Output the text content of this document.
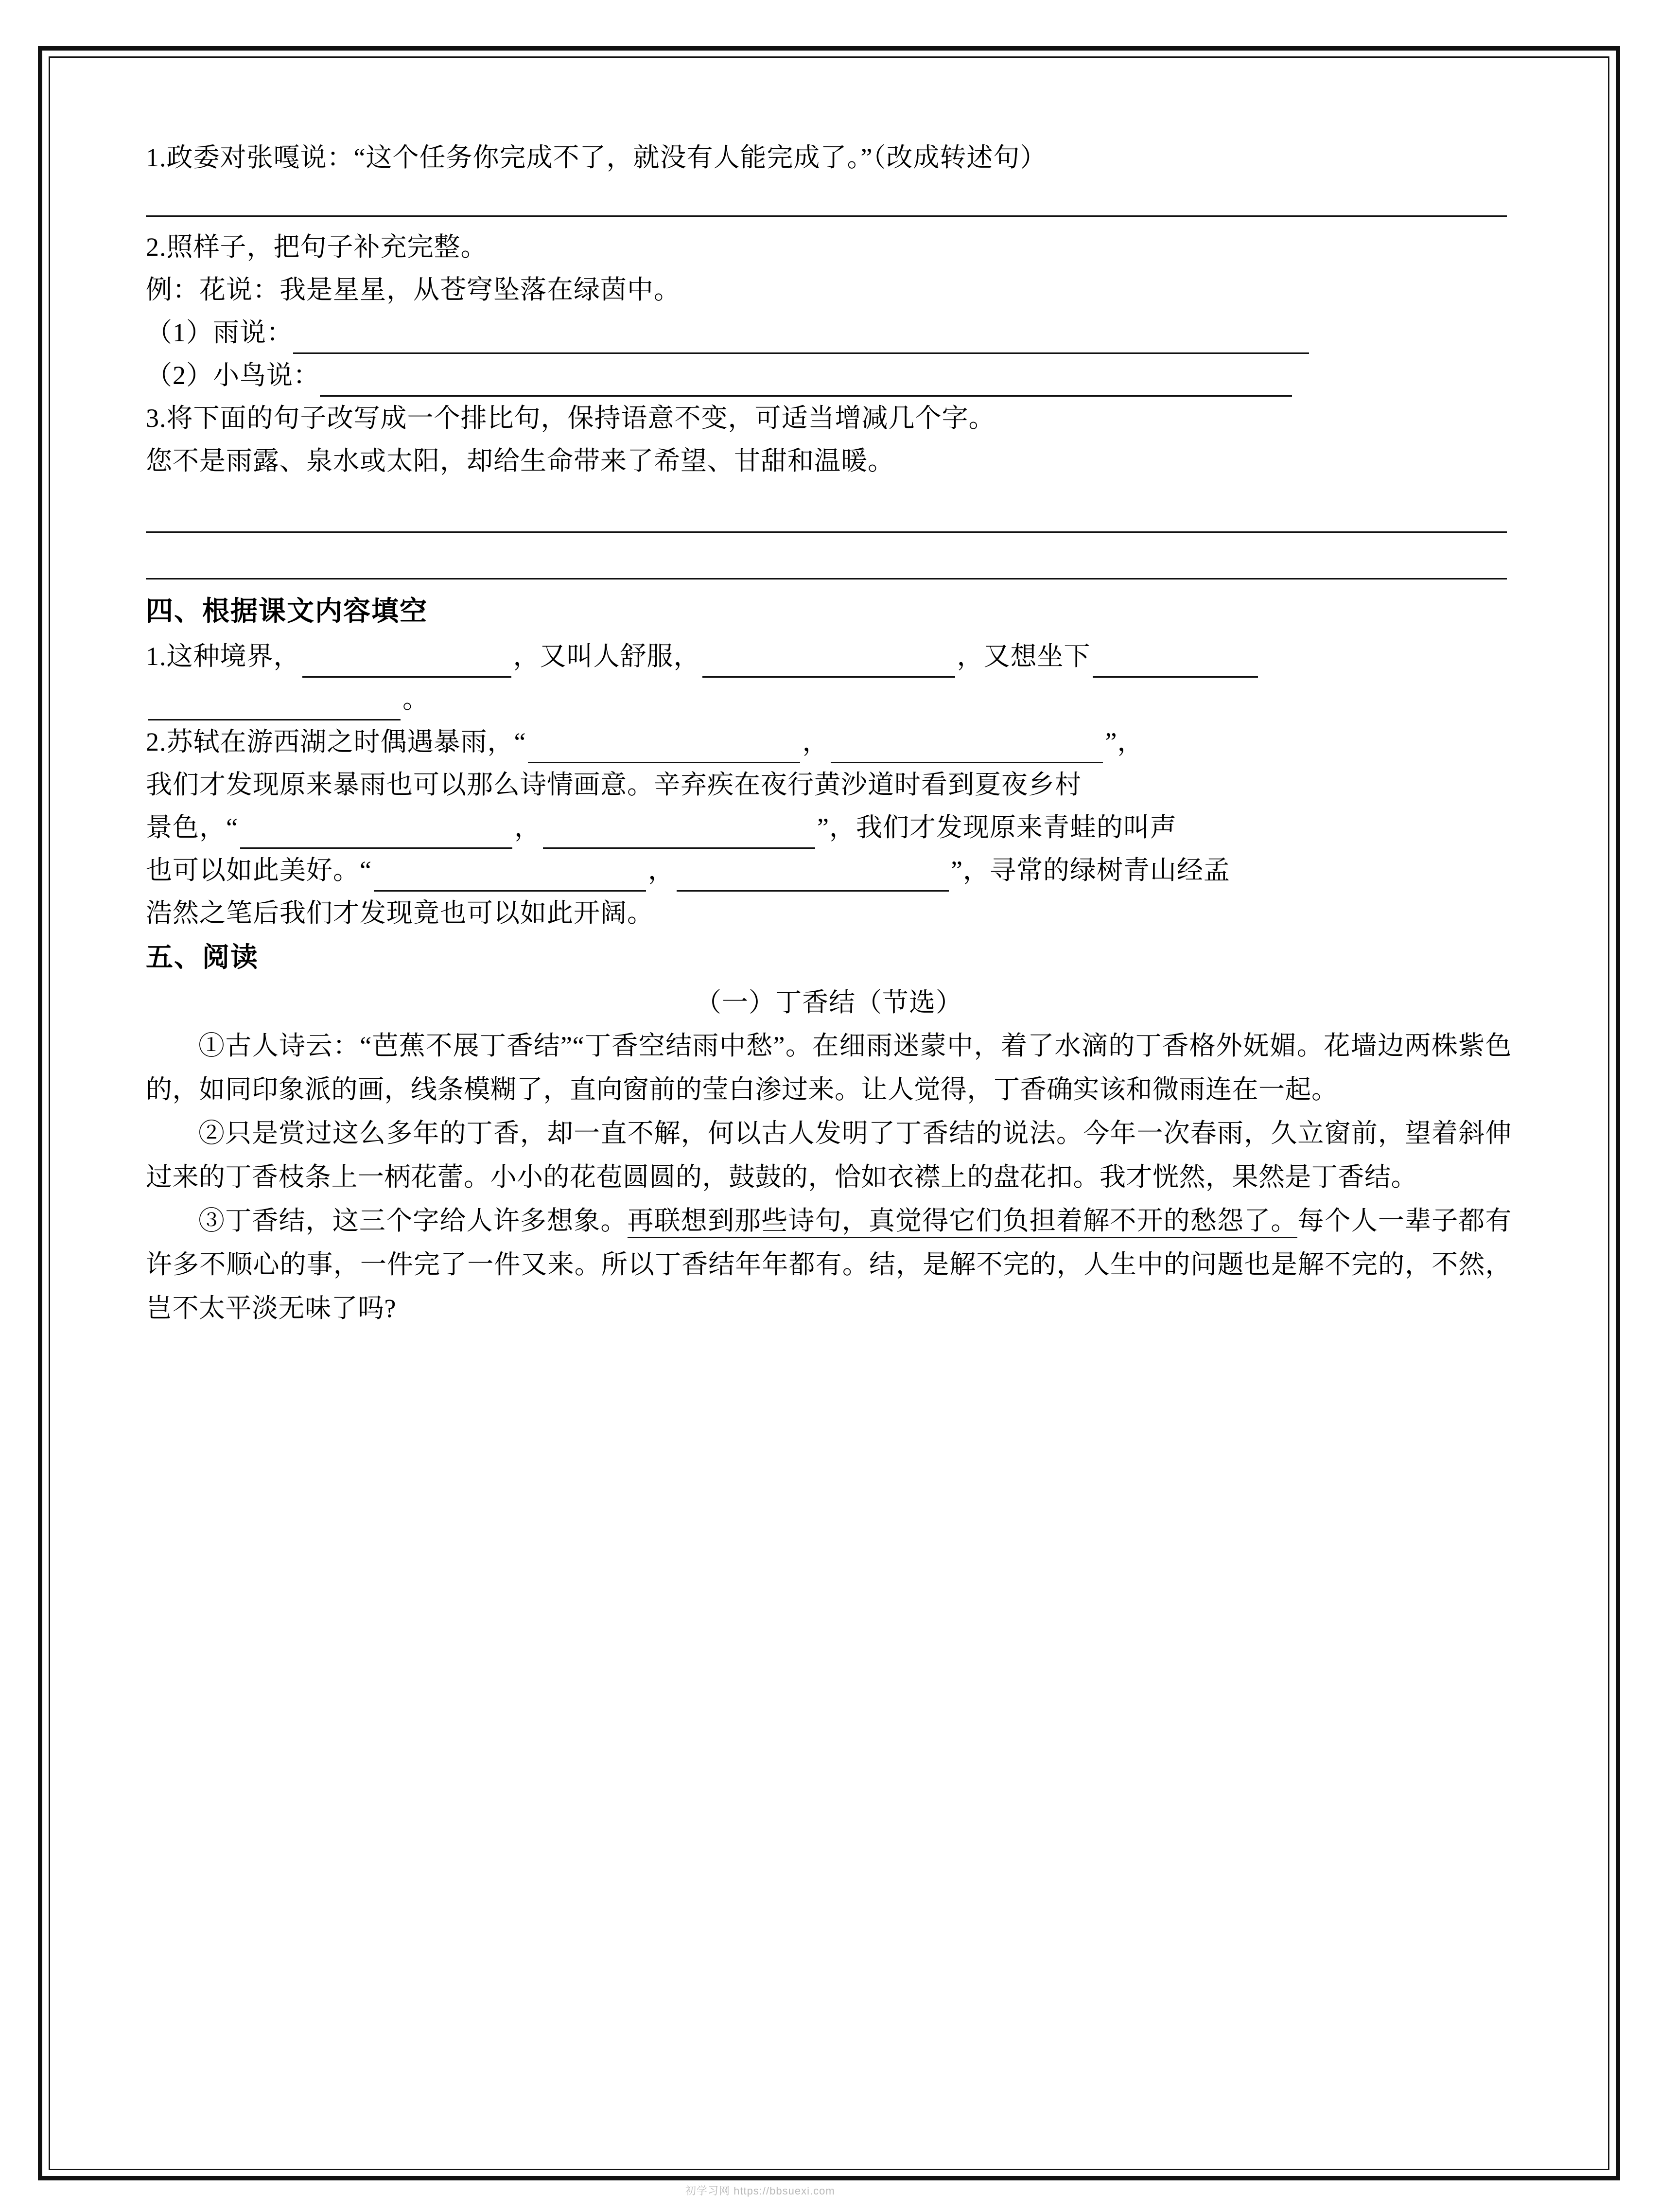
1.政委对张嘎说：“这个任务你完成不了，就没有人能完成了。”（改成转述句）
2.照样子，把句子补充完整。
例：花说：我是星星，从苍穹坠落在绿茵中。
（1）雨说：
（2）小鸟说：
3.将下面的句子改写成一个排比句，保持语意不变，可适当增减几个字。
您不是雨露、泉水或太阳，却给生命带来了希望、甘甜和温暖。
四、根据课文内容填空
1.这种境界，	，又叫人舒服，	，又想坐下
。
2.苏轼在游西湖之时偶遇暴雨，“	，	”，
我们才发现原来暴雨也可以那么诗情画意。辛弃疾在夜行黄沙道时看到夏夜乡村
景色，“	，	”，我们才发现原来青蛙的叫声
也可以如此美好。“	，	”，寻常的绿树青山经孟
浩然之笔后我们才发现竟也可以如此开阔。
五、阅读
（一）丁香结（节选）
①古人诗云：“芭蕉不展丁香结”“丁香空结雨中愁”。在细雨迷蒙中，着了水滴的丁香格外妩媚。花墙边两株紫色的，如同印象派的画，线条模糊了，直向窗前的莹白渗过来。让人觉得，丁香确实该和微雨连在一起。
②只是赏过这么多年的丁香，却一直不解，何以古人发明了丁香结的说法。今年一次春雨，久立窗前，望着斜伸过来的丁香枝条上一柄花蕾。小小的花苞圆圆的，鼓鼓的，恰如衣襟上的盘花扣。我才恍然，果然是丁香结。
③丁香结，这三个字给人许多想象。再联想到那些诗句，真觉得它们负担着解不开的愁怨了。每个人一辈子都有许多不顺心的事，一件完了一件又来。所以丁香结年年都有。结，是解不完的，人生中的问题也是解不完的，不然，岂不太平淡无味了吗?
初学习网 https://bbsuexi.com
